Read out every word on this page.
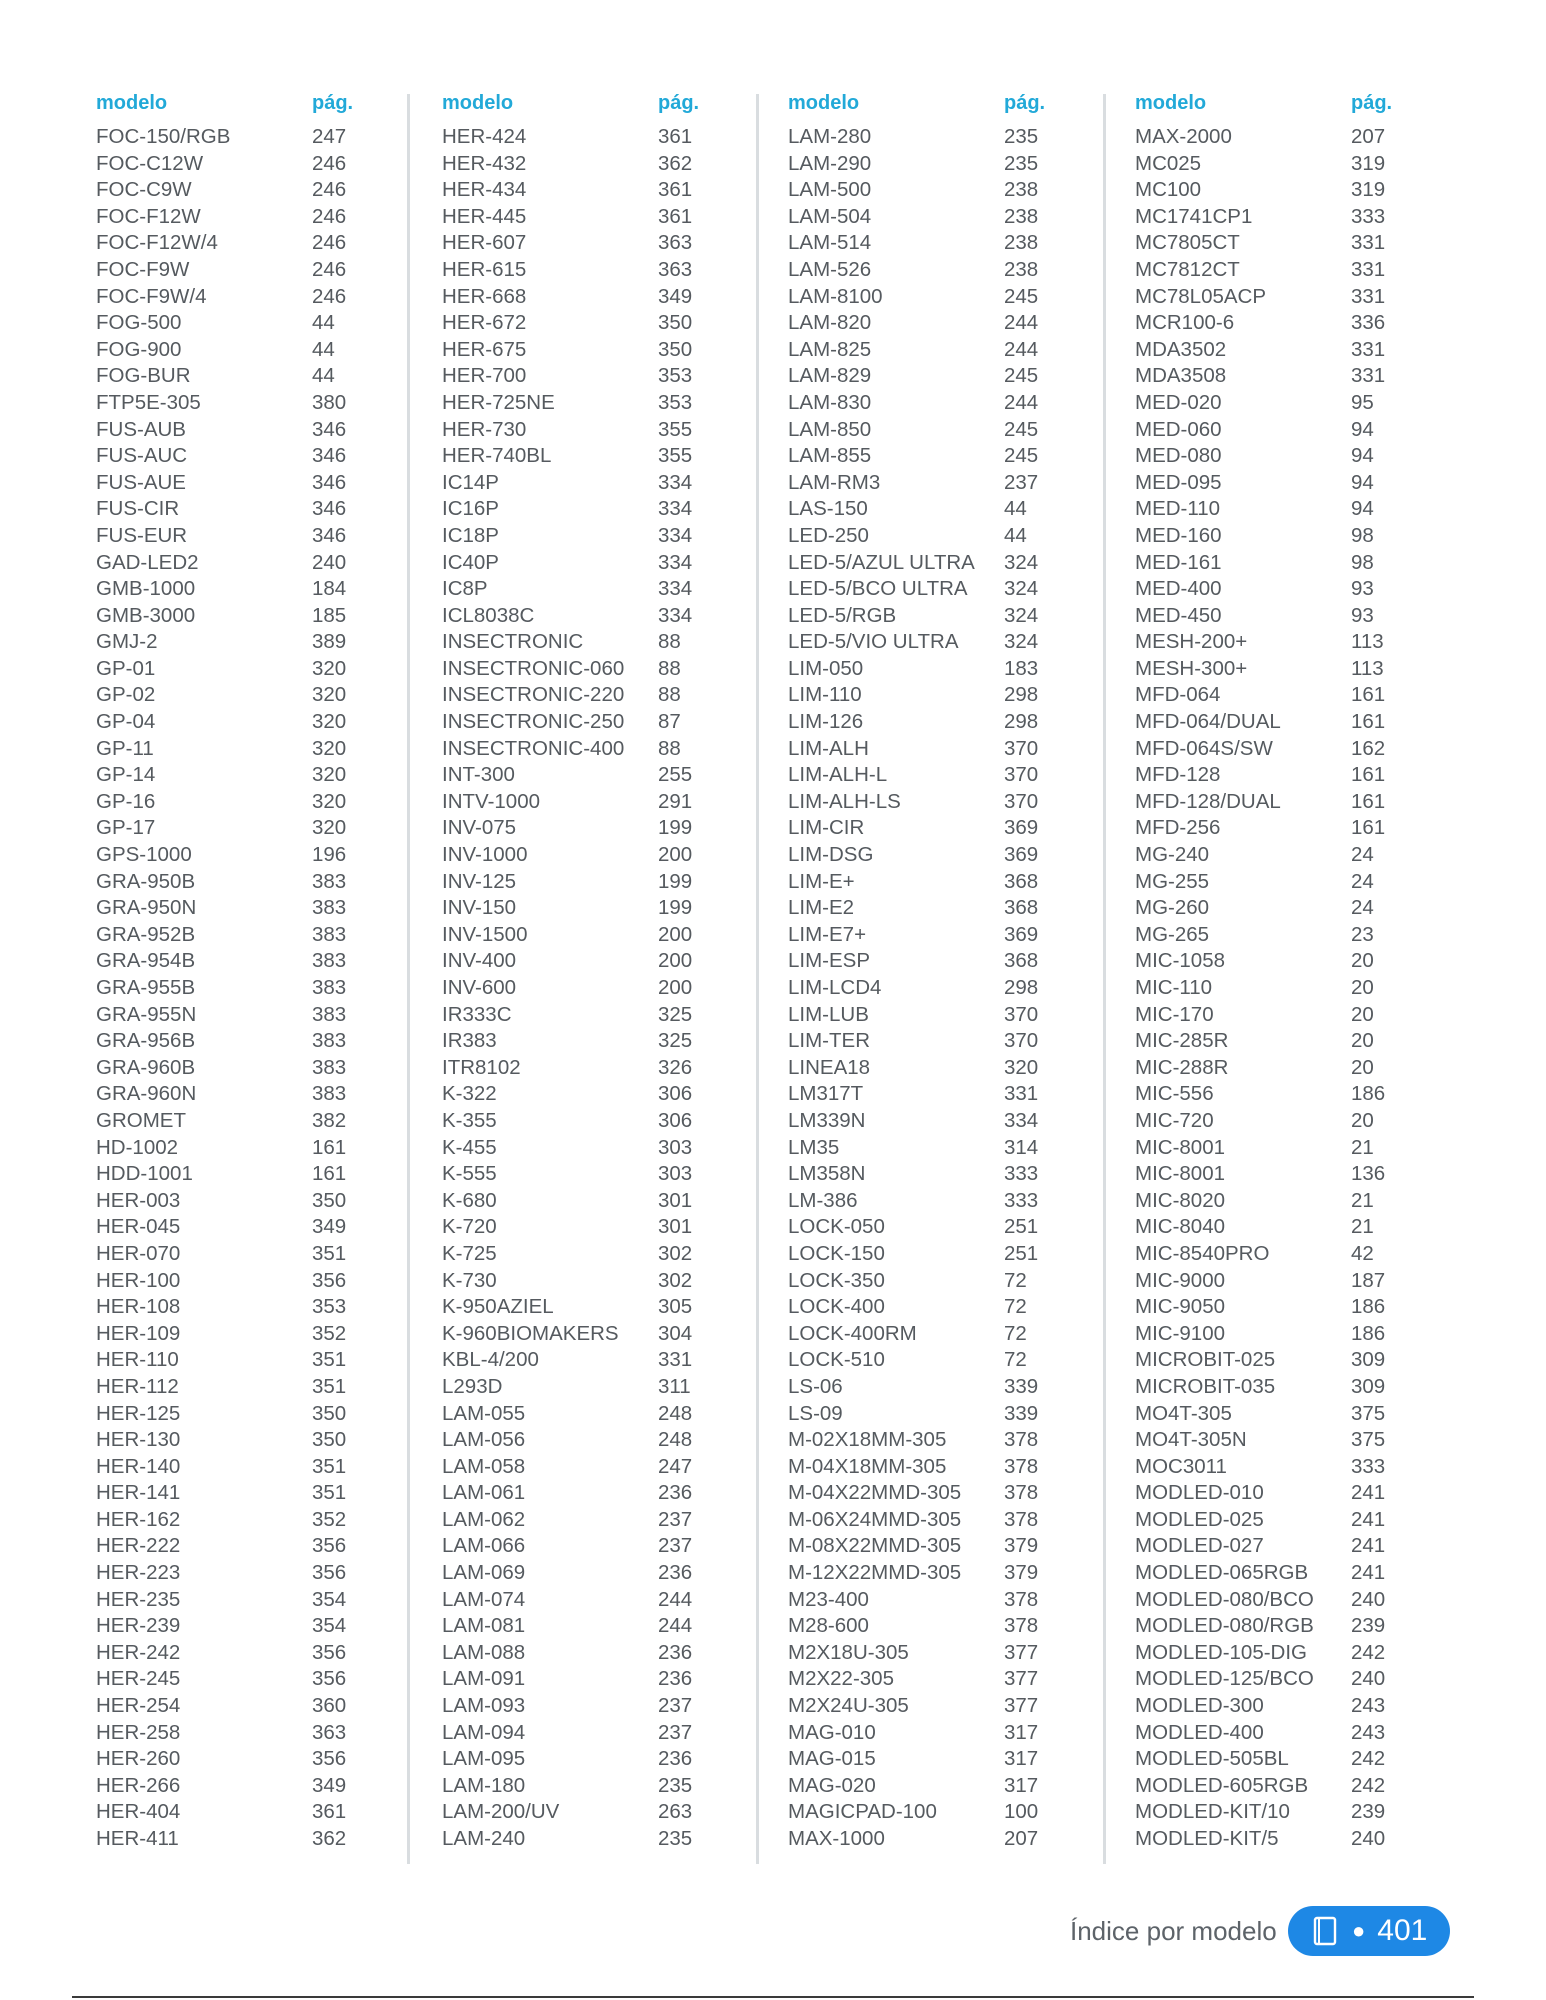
modelo	pág.
FOC-150/RGB	247
FOC-C12W	246
FOC-C9W	246
FOC-F12W	246
FOC-F12W/4	246
FOC-F9W	246
FOC-F9W/4	246
FOG-500	44
FOG-900	44
FOG-BUR	44
FTP5E-305	380
FUS-AUB	346
FUS-AUC	346
FUS-AUE	346
FUS-CIR	346
FUS-EUR	346
GAD-LED2	240
GMB-1000	184
GMB-3000	185
GMJ-2	389
GP-01	320
GP-02	320
GP-04	320
GP-11	320
GP-14	320
GP-16	320
GP-17	320
GPS-1000	196
GRA-950B	383
GRA-950N	383
GRA-952B	383
GRA-954B	383
GRA-955B	383
GRA-955N	383
GRA-956B	383
GRA-960B	383
GRA-960N	383
GROMET	382
HD-1002	161
HDD-1001	161
HER-003	350
HER-045	349
HER-070	351
HER-100	356
HER-108	353
HER-109	352
HER-110	351
HER-112	351
HER-125	350
HER-130	350
HER-140	351
HER-141	351
HER-162	352
HER-222	356
HER-223	356
HER-235	354
HER-239	354
HER-242	356
HER-245	356
HER-254	360
HER-258	363
HER-260	356
HER-266	349
HER-404	361
HER-411	362
modelo	pág.
HER-424	361
HER-432	362
HER-434	361
HER-445	361
HER-607	363
HER-615	363
HER-668	349
HER-672	350
HER-675	350
HER-700	353
HER-725NE	353
HER-730	355
HER-740BL	355
IC14P	334
IC16P	334
IC18P	334
IC40P	334
IC8P	334
ICL8038C	334
INSECTRONIC	88
INSECTRONIC-060 88
INSECTRONIC-220 88
INSECTRONIC-250 87
INSECTRONIC-400 88
INT-300	255
INTV-1000	291
INV-075	199
INV-1000	200
INV-125	199
INV-150	199
INV-1500	200
INV-400	200
INV-600	200
IR333C	325
IR383	325
ITR8102	326
K-322	306
K-355	306
K-455	303
K-555	303
K-680	301
K-720	301
K-725	302
K-730	302
K-950AZIEL	305
K-960BIOMAKERS 304
KBL-4/200	331
L293D	311
LAM-055	248
LAM-056	248
LAM-058	247
LAM-061	236
LAM-062	237
LAM-066	237
LAM-069	236
LAM-074	244
LAM-081	244
LAM-088	236
LAM-091	236
LAM-093	237
LAM-094	237
LAM-095	236
LAM-180	235
LAM-200/UV	263
LAM-240	235
modelo	pág.
LAM-280	235
LAM-290	235
LAM-500	238
LAM-504	238
LAM-514	238
LAM-526	238
LAM-8100	245
LAM-820	244
LAM-825	244
LAM-829	245
LAM-830	244
LAM-850	245
LAM-855	245
LAM-RM3	237
LAS-150	44
LED-250	44
LED-5/AZUL ULTRA 324
LED-5/BCO ULTRA 324
LED-5/RGB	324
LED-5/VIO ULTRA 324
LIM-050	183
LIM-110	298
LIM-126	298
LIM-ALH	370
LIM-ALH-L	370
LIM-ALH-LS	370
LIM-CIR	369
LIM-DSG	369
LIM-E+	368
LIM-E2	368
LIM-E7+	369
LIM-ESP	368
LIM-LCD4	298
LIM-LUB	370
LIM-TER	370
LINEA18	320
LM317T	331
LM339N	334
LM35	314
LM358N	333
LM-386	333
LOCK-050	251
LOCK-150	251
LOCK-350	72
LOCK-400	72
LOCK-400RM	72
LOCK-510	72
LS-06	339
LS-09	339
M-02X18MM-305	378
M-04X18MM-305	378
M-04X22MMD-305 378
M-06X24MMD-305 378
M-08X22MMD-305 379
M-12X22MMD-305 379
M23-400	378
M28-600	378
M2X18U-305	377
M2X22-305	377
M2X24U-305	377
MAG-010	317
MAG-015	317
MAG-020	317
MAGICPAD-100	100
MAX-1000	207
modelo	pág.
MAX-2000	207
MC025	319
MC100	319
MC1741CP1	333
MC7805CT	331
MC7812CT	331
MC78L05ACP	331
MCR100-6	336
MDA3502	331
MDA3508	331
MED-020	95
MED-060	94
MED-080	94
MED-095	94
MED-110	94
MED-160	98
MED-161	98
MED-400	93
MED-450	93
MESH-200+	113
MESH-300+	113
MFD-064	161
MFD-064/DUAL	161
MFD-064S/SW	162
MFD-128	161
MFD-128/DUAL	161
MFD-256	161
MG-240	24
MG-255	24
MG-260	24
MG-265	23
MIC-1058	20
MIC-110	20
MIC-170	20
MIC-285R	20
MIC-288R	20
MIC-556	186
MIC-720	20
MIC-8001	21
MIC-8001	136
MIC-8020	21
MIC-8040	21
MIC-8540PRO	42
MIC-9000	187
MIC-9050	186
MIC-9100	186
MICROBIT-025	309
MICROBIT-035	309
MO4T-305	375
MO4T-305N	375
MOC3011	333
MODLED-010	241
MODLED-025	241
MODLED-027	241
MODLED-065RGB 241
MODLED-080/BCO 240
MODLED-080/RGB 239
MODLED-105-DIG 242
MODLED-125/BCO 240
MODLED-300	243
MODLED-400	243
MODLED-505BL	242
MODLED-605RGB 242
MODLED-KIT/10	239
MODLED-KIT/5	240
Índice por modelo	● 401
